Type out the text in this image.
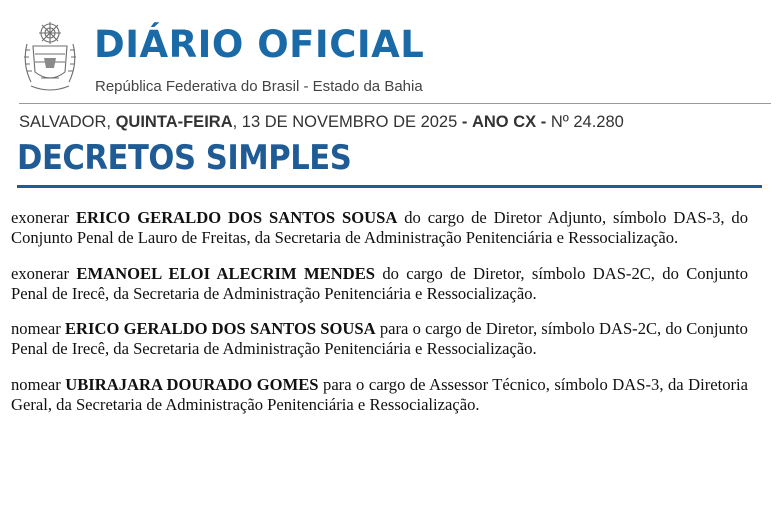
DIÁRIO OFICIAL
República Federativa do Brasil - Estado da Bahia
SALVADOR, QUINTA-FEIRA, 13 DE NOVEMBRO DE 2025 - ANO CX - Nº 24.280
DECRETOS SIMPLES

exonerar ERICO GERALDO DOS SANTOS SOUSA do cargo de Diretor Adjunto, símbolo DAS-3, do Conjunto Penal de Lauro de Freitas, da Secretaria de Administração Penitenciária e Ressocialização.

exonerar EMANOEL ELOI ALECRIM MENDES do cargo de Diretor, símbolo DAS-2C, do Conjunto Penal de Irecê, da Secretaria de Administração Penitenciária e Ressocialização.

nomear ERICO GERALDO DOS SANTOS SOUSA para o cargo de Diretor, símbolo DAS-2C, do Conjunto Penal de Irecê, da Secretaria de Administração Penitenciária e Ressocialização.

nomear UBIRAJARA DOURADO GOMES para o cargo de Assessor Técnico, símbolo DAS-3, da Diretoria Geral, da Secretaria de Administração Penitenciária e Ressocialização.
